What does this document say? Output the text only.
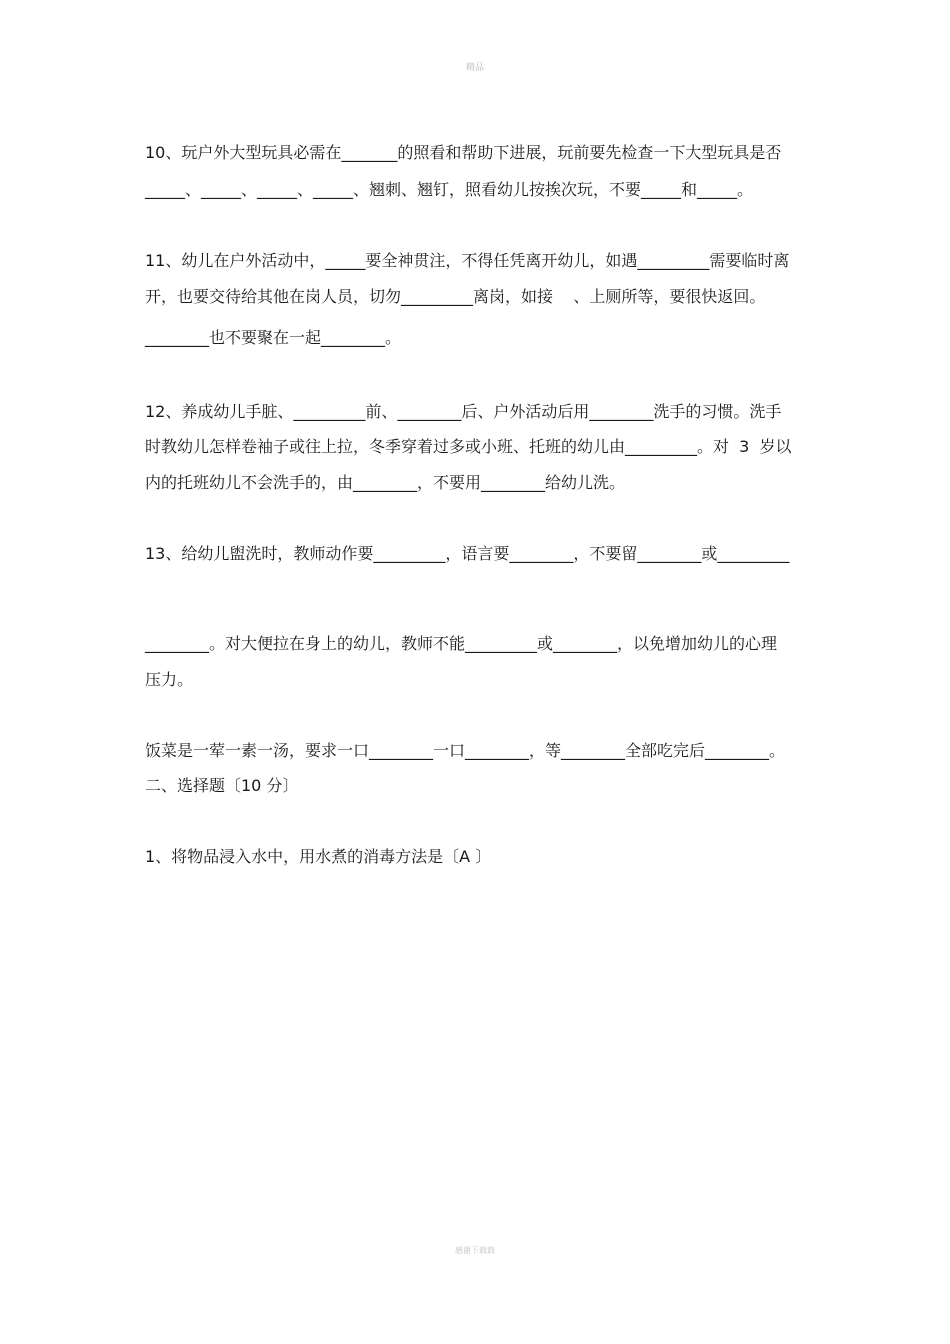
精品
10、玩户外大型玩具必需在_______的照看和帮助下进展，玩前要先检查一下大型玩具是否
_____、_____、_____、_____、翘刺、翘钉，照看幼儿按挨次玩，不要_____和_____。
11、幼儿在户外活动中，_____要全神贯注，不得任凭离开幼儿，如遇_________需要临时离
开，也要交待给其他在岗人员，切勿_________离岗，如接    、上厕所等，要很快返回。
________也不要聚在一起________。
12、养成幼儿手脏、_________前、________后、户外活动后用________洗手的习惯。洗手
时教幼儿怎样卷袖子或往上拉，冬季穿着过多或小班、托班的幼儿由_________。对  3  岁以
内的托班幼儿不会洗手的，由________，不要用________给幼儿洗。
13、给幼儿盥洗时，教师动作要_________，语言要________，不要留________或_________
________。对大便拉在身上的幼儿，教师不能_________或________，以免增加幼儿的心理
压力。
饭菜是一荤一素一汤，要求一口________一口________，等________全部吃完后________。
二、选择题〔10 分〕
1、将物品浸入水中，用水煮的消毒方法是〔A 〕
感谢下载载
